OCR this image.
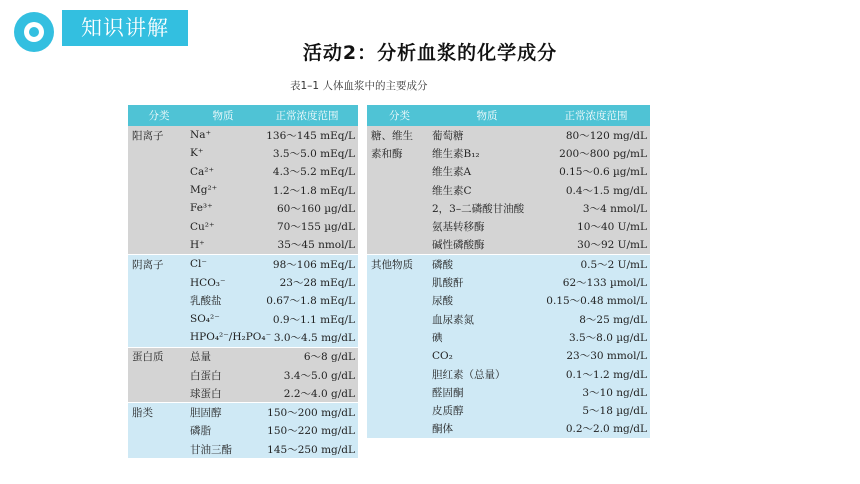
知识讲解
活动2：分析血浆的化学成分
表1–1 人体血浆中的主要成分
分类	物质	正常浓度范围
阳离子	Na⁺	136～145 mEq/L
K⁺	3.5～5.0 mEq/L
Ca²⁺	4.3～5.2 mEq/L
Mg²⁺	1.2～1.8 mEq/L
Fe³⁺	60～160 µg/dL
Cu²⁺	70～155 µg/dL
H⁺	35～45 nmol/L
阴离子	Cl⁻	98～106 mEq/L
HCO₃⁻	23～28 mEq/L
乳酸盐	0.67～1.8 mEq/L
SO₄²⁻	0.9～1.1 mEq/L
HPO₄²⁻/H₂PO₄⁻ 3.0～4.5 mg/dL
蛋白质	总量	6～8 g/dL
白蛋白	3.4～5.0 g/dL
球蛋白	2.2～4.0 g/dL
脂类	胆固醇	150～200 mg/dL
磷脂	150～220 mg/dL
甘油三酯	145～250 mg/dL
分类	物质	正常浓度范围
糖、维生	葡萄糖	80～120 mg/dL
素和酶	维生素B₁₂	200～800 pg/mL
维生素A	0.15～0.6 µg/mL
维生素C	0.4～1.5 mg/dL
2，3–二磷酸甘油酸	3～4 nmol/L
氨基转移酶	10～40 U/mL
碱性磷酸酶	30～92 U/mL
其他物质	磷酸	0.5～2 U/mL
肌酸酐	62～133 µmol/L
尿酸	0.15～0.48 mmol/L
血尿素氮	8～25 mg/dL
碘	3.5～8.0 µg/dL
CO₂	23～30 mmol/L
胆红素（总量）	0.1～1.2 mg/dL
醛固酮	3～10 ng/dL
皮质醇	5～18 µg/dL
酮体	0.2～2.0 mg/dL
